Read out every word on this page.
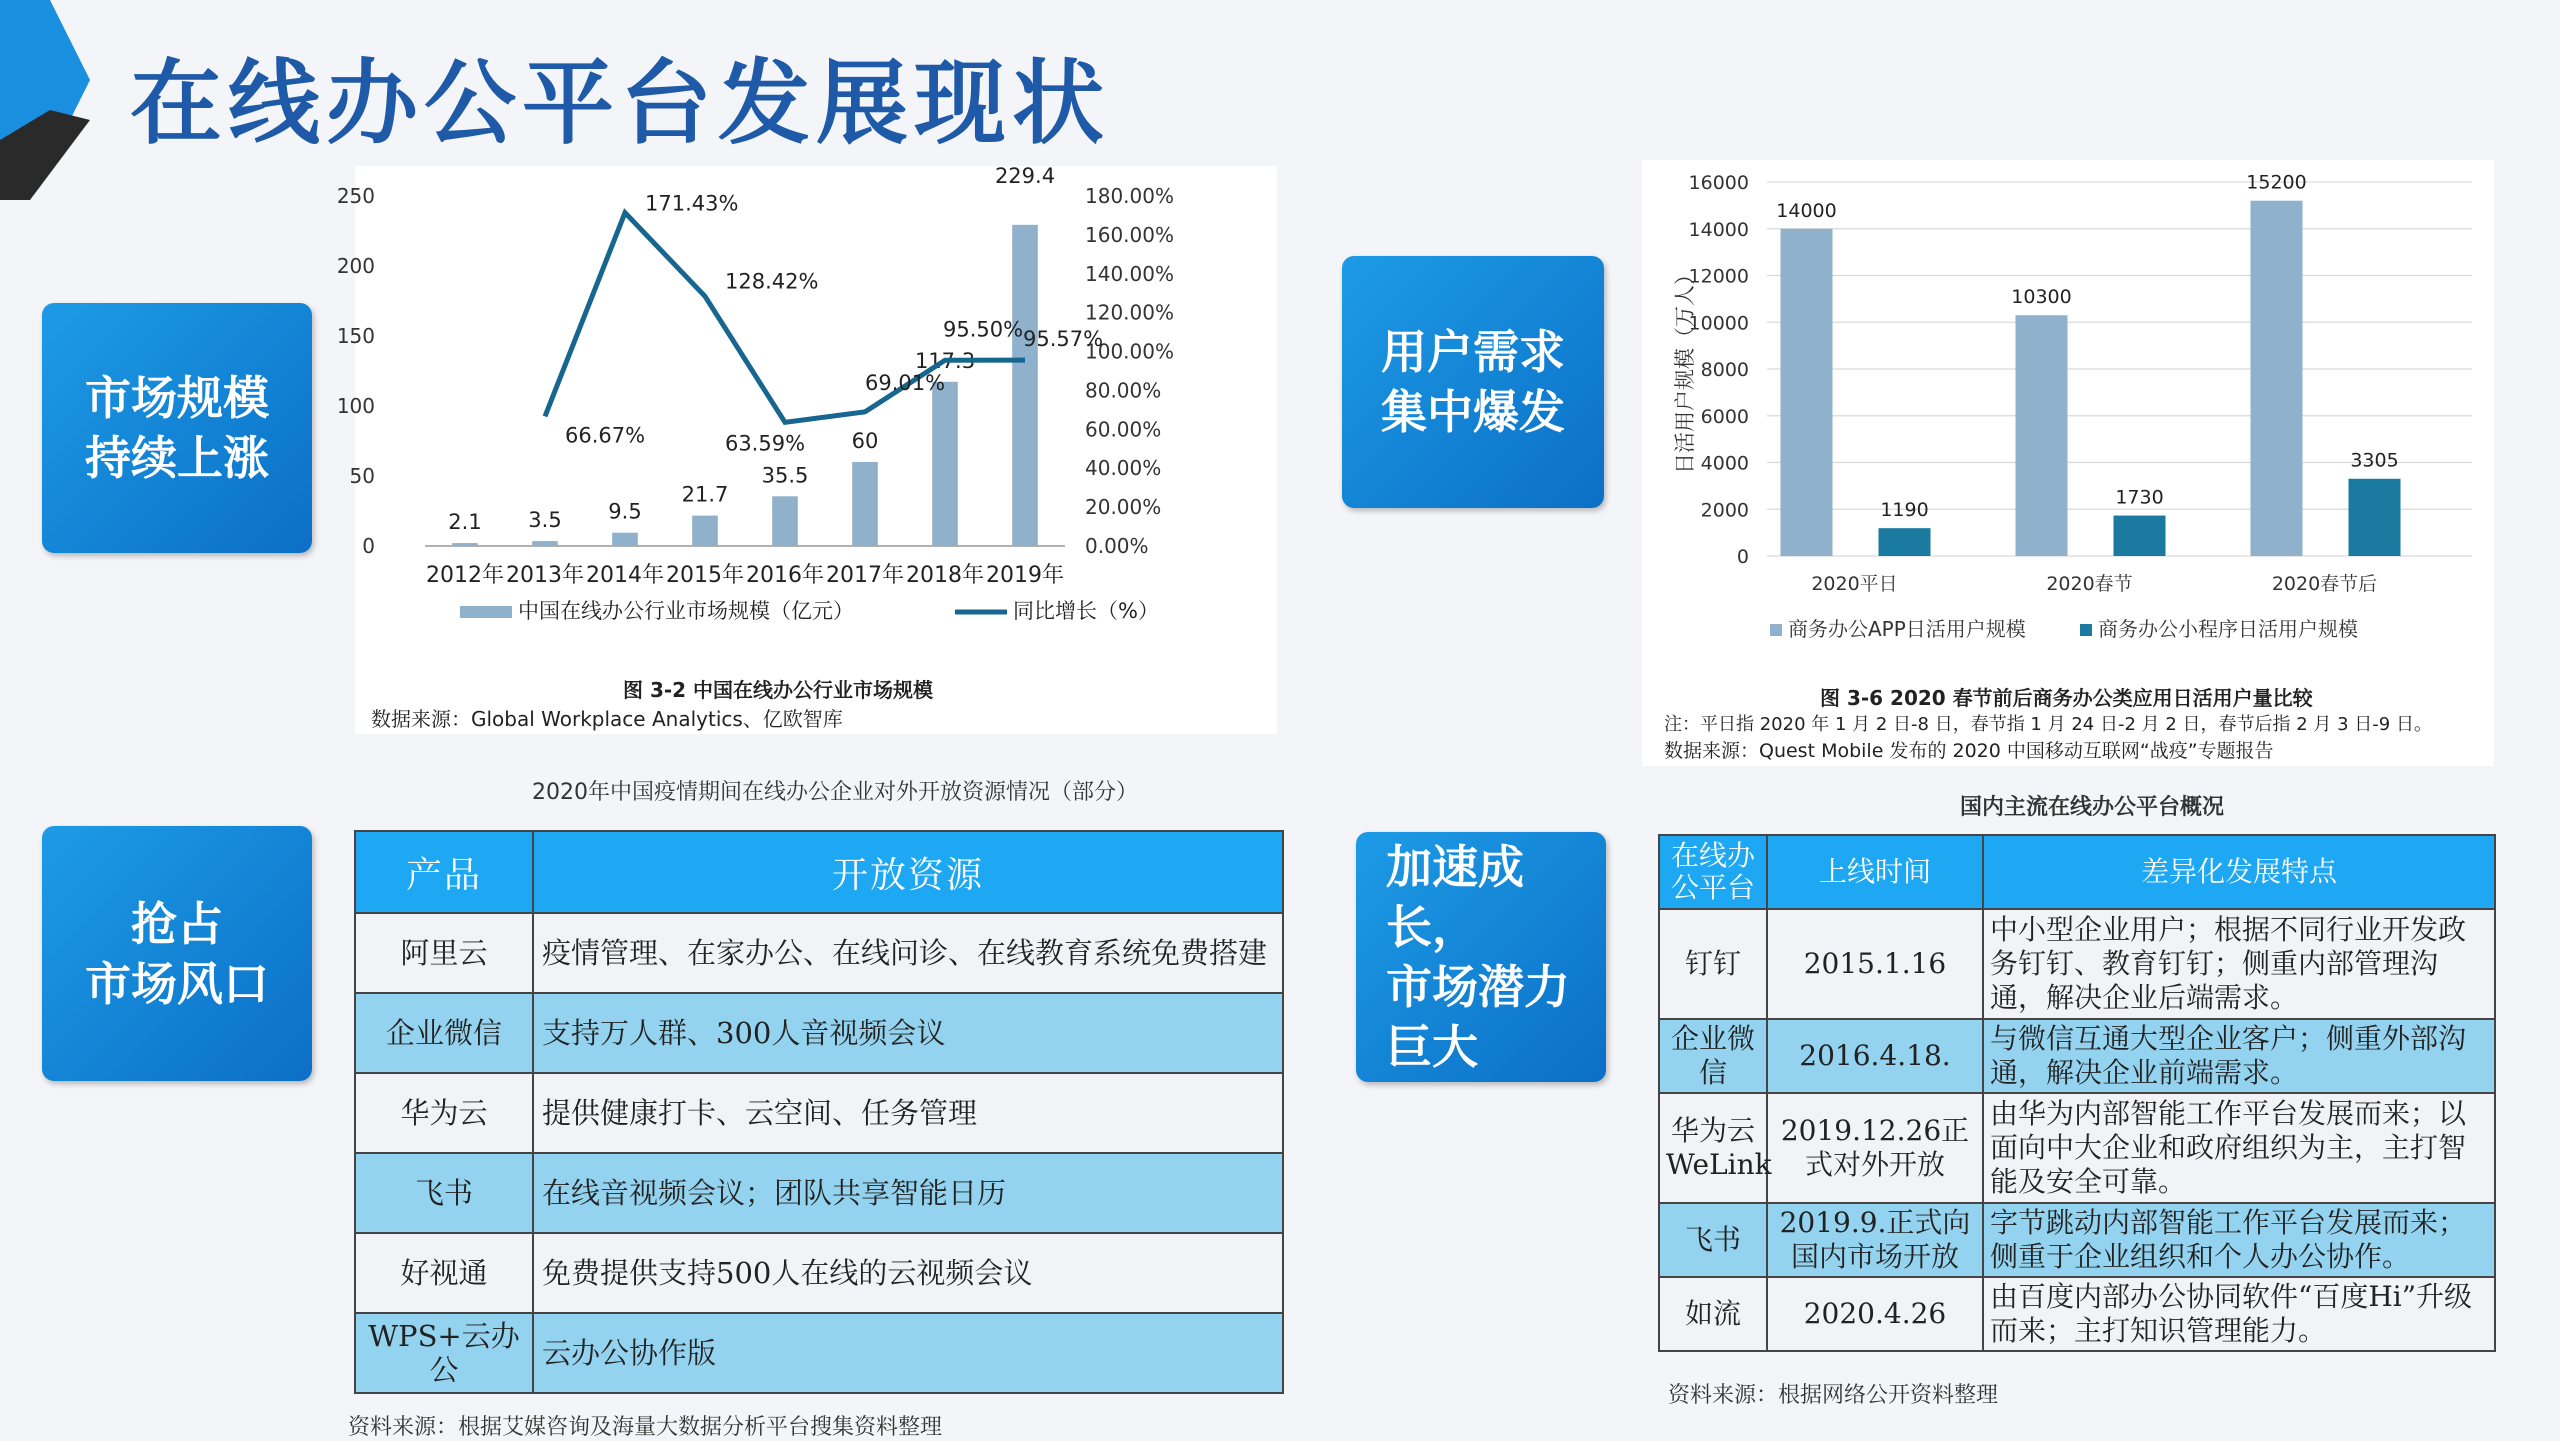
在线办公平台发展现状
市场规模
持续上涨
用户需求
集中爆发
抢占
市场风口
加速成长，
市场潜力
巨大
0
50
100
150
200
250
0.00%
20.00%
40.00%
60.00%
80.00%
100.00%
120.00%
140.00%
160.00%
180.00%
2.1 3.5 9.5
21.7
35.5
60
117.3
229.4
2012年 2013年 2014年 2015年 2016年 2017年 2018年 2019年
66.67%
171.43%
128.42%
63.59%
69.01%
95.50% 95.57%
中国在线办公行业市场规模（亿元）	同比增长（%）
图 3-2 中国在线办公行业市场规模
数据来源：Global Workplace Analytics、亿欧智库
0
2000
4000
6000
8000
10000
12000
14000
16000
日活用户规模（万人）
14000
10300
15200
1190
1730
3305
2020平日	2020春节	2020春节后
商务办公APP日活用户规模	商务办公小程序日活用户规模
图 3-6 2020 春节前后商务办公类应用日活用户量比较
注：平日指 2020 年 1 月 2 日-8 日，春节指 1 月 24 日-2 月 2 日，春节后指 2 月 3 日-9 日。
数据来源：Quest Mobile 发布的 2020 中国移动互联网“战疫”专题报告
2020年中国疫情期间在线办公企业对外开放资源情况（部分）
产品	开放资源
阿里云	疫情管理、在家办公、在线问诊、在线教育系统免费搭建
企业微信	支持万人群、300人音视频会议
华为云	提供健康打卡、云空间、任务管理
飞书	在线音视频会议；团队共享智能日历
好视通	免费提供支持500人在线的云视频会议
WPS+云办公	云办公协作版
资料来源：根据艾媒咨询及海量大数据分析平台搜集资料整理
国内主流在线办公平台概况
在线办公平台	上线时间	差异化发展特点
钉钉	2015.1.16	中小型企业用户；根据不同行业开发政务钉钉、教育钉钉；侧重内部管理沟通，解决企业后端需求。
企业微信	2016.4.18.	与微信互通大型企业客户；侧重外部沟通，解决企业前端需求。
华为云WeLink	2019.12.26正式对外开放	由华为内部智能工作平台发展而来；以面向中大企业和政府组织为主，主打智能及安全可靠。
飞书	2019.9.正式向国内市场开放	字节跳动内部智能工作平台发展而来；侧重于企业组织和个人办公协作。
如流	2020.4.26	由百度内部办公协同软件“百度Hi”升级而来；主打知识管理能力。
资料来源：根据网络公开资料整理
